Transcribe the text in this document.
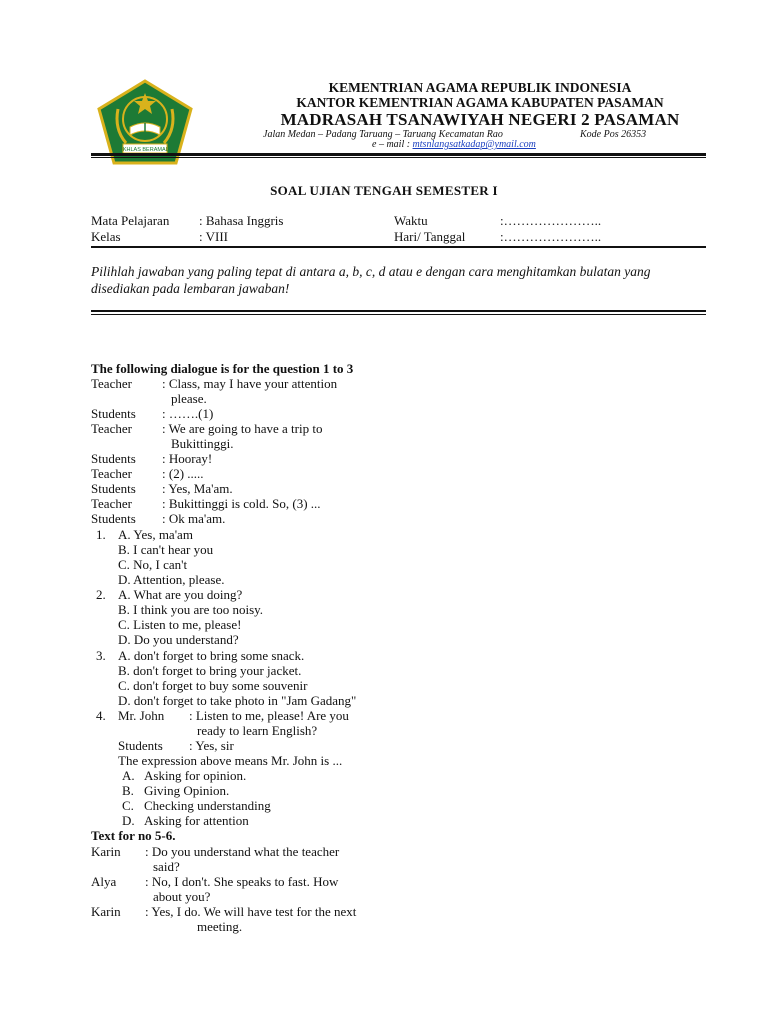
IKHLAS BERAMAL
KEMENTRIAN AGAMA REPUBLIK INDONESIA
KANTOR KEMENTRIAN AGAMA KABUPATEN PASAMAN
MADRASAH TSANAWIYAH NEGERI 2 PASAMAN
Jalan Medan – Padang Taruang – Taruang Kecamatan Rao	Kode Pos 26353
e – mail : mtsnlangsatkadap@ymail.com
SOAL UJIAN TENGAH SEMESTER I
Mata Pelajaran : Bahasa Inggris	Waktu	:…………………..
Kelas	: VIII	Hari/ Tanggal	:…………………..
Pilihlah jawaban yang paling tepat di antara a, b, c, d atau e dengan cara menghitamkan bulatan yang disediakan pada lembaran jawaban!
The following dialogue is for the question 1 to 3
Teacher : Class, may I have your attention
please.
Students : …….(1)
Teacher : We are going to have a trip to
Bukittinggi.
Students : Hooray!
Teacher : (2) .....
Students : Yes, Ma'am.
Teacher : Bukittinggi is cold. So, (3) ...
Students : Ok ma'am.
1. A. Yes, ma'am
B. I can't hear you
C. No, I can't
D. Attention, please.
2. A. What are you doing?
B. I think you are too noisy.
C. Listen to me, please!
D. Do you understand?
3. A. don't forget to bring some snack.
B. don't forget to bring your jacket.
C. don't forget to buy some souvenir
D. don't forget to take photo in "Jam Gadang"
4. Mr. John : Listen to me, please! Are you
ready to learn English?
Students : Yes, sir
The expression above means Mr. John is ...
A. Asking for opinion.
B. Giving Opinion.
C. Checking understanding
D. Asking for attention
Text for no 5-6.
Karin : Do you understand what the teacher
said?
Alya : No, I don't. She speaks to fast. How
about you?
Karin : Yes, I do. We will have test for the next
meeting.
